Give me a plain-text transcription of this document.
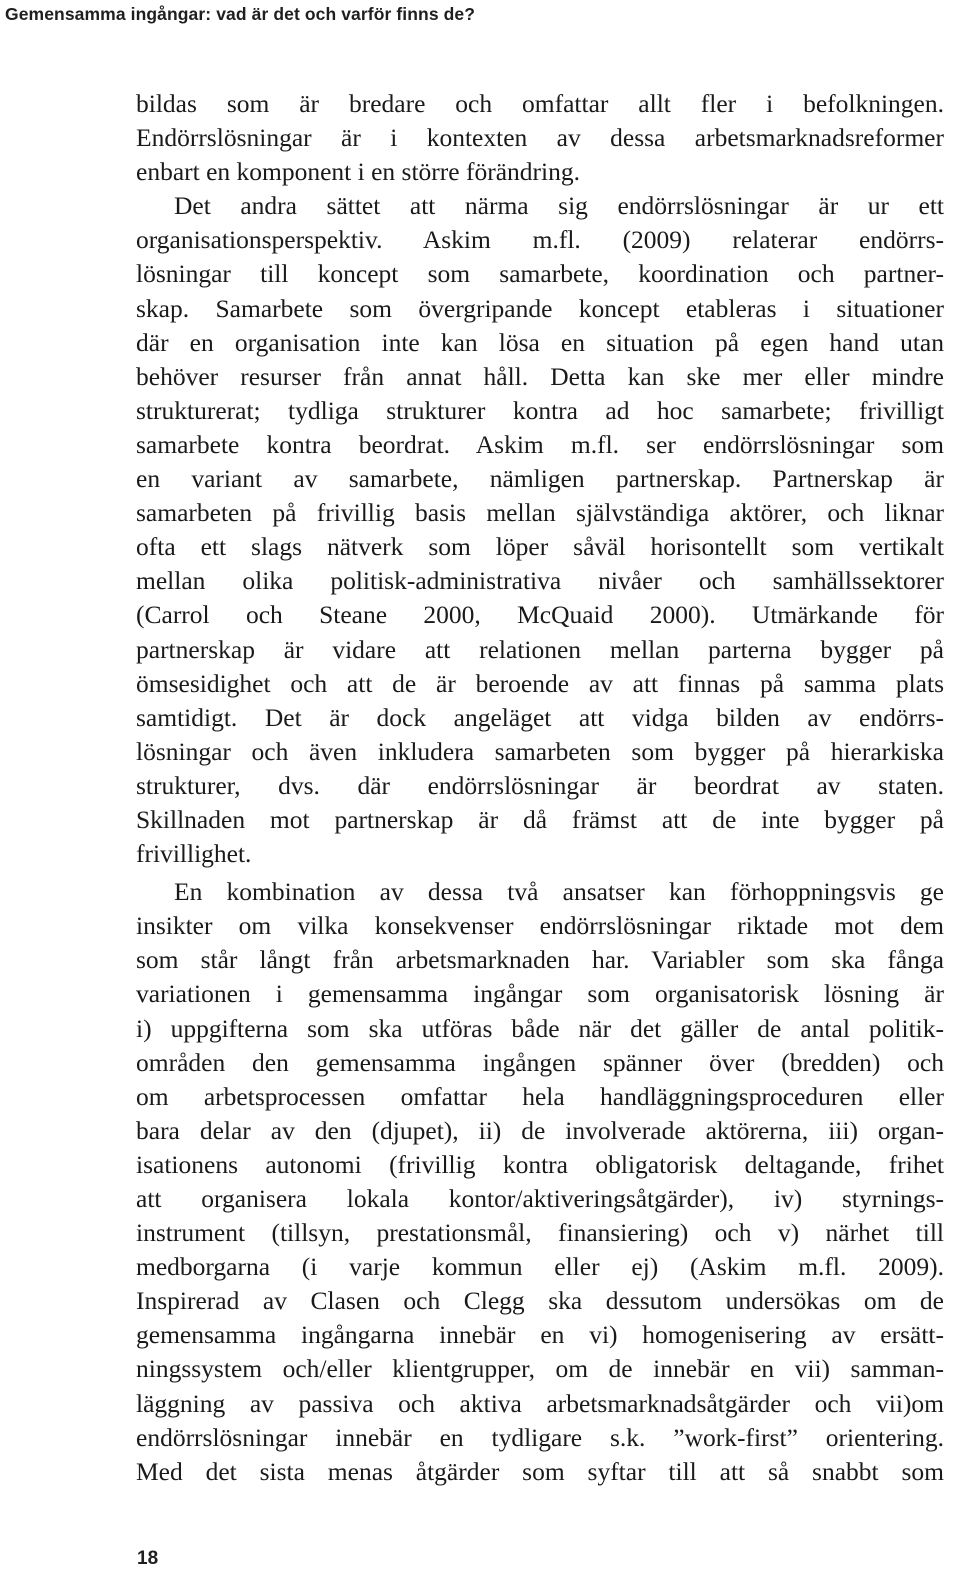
Gemensamma ingångar: vad är det och varför finns de?
bildas som är bredare och omfattar allt fler i befolkningen.
Endörrslösningar är i kontexten av dessa arbetsmarknadsreformer
enbart en komponent i en större förändring.
Det andra sättet att närma sig endörrslösningar är ur ett
organisationsperspektiv. Askim m.fl. (2009) relaterar endörrs-
lösningar till koncept som samarbete, koordination och partner-
skap. Samarbete som övergripande koncept etableras i situationer
där en organisation inte kan lösa en situation på egen hand utan
behöver resurser från annat håll. Detta kan ske mer eller mindre
strukturerat; tydliga strukturer kontra ad hoc samarbete; frivilligt
samarbete kontra beordrat. Askim m.fl. ser endörrslösningar som
en variant av samarbete, nämligen partnerskap. Partnerskap är
samarbeten på frivillig basis mellan självständiga aktörer, och liknar
ofta ett slags nätverk som löper såväl horisontellt som vertikalt
mellan olika politisk-administrativa nivåer och samhällssektorer
(Carrol och Steane 2000, McQuaid 2000). Utmärkande för
partnerskap är vidare att relationen mellan parterna bygger på
ömsesidighet och att de är beroende av att finnas på samma plats
samtidigt. Det är dock angeläget att vidga bilden av endörrs-
lösningar och även inkludera samarbeten som bygger på hierarkiska
strukturer, dvs. där endörrslösningar är beordrat av staten.
Skillnaden mot partnerskap är då främst att de inte bygger på
frivillighet.
En kombination av dessa två ansatser kan förhoppningsvis ge
insikter om vilka konsekvenser endörrslösningar riktade mot dem
som står långt från arbetsmarknaden har. Variabler som ska fånga
variationen i gemensamma ingångar som organisatorisk lösning är
i) uppgifterna som ska utföras både när det gäller de antal politik-
områden den gemensamma ingången spänner över (bredden) och
om arbetsprocessen omfattar hela handläggningsproceduren eller
bara delar av den (djupet), ii) de involverade aktörerna, iii) organ-
isationens autonomi (frivillig kontra obligatorisk deltagande, frihet
att organisera lokala kontor/aktiveringsåtgärder), iv) styrnings-
instrument (tillsyn, prestationsmål, finansiering) och v) närhet till
medborgarna (i varje kommun eller ej) (Askim m.fl. 2009).
Inspirerad av Clasen och Clegg ska dessutom undersökas om de
gemensamma ingångarna innebär en vi) homogenisering av ersätt-
ningssystem och/eller klientgrupper, om de innebär en vii) samman-
läggning av passiva och aktiva arbetsmarknadsåtgärder och vii)om
endörrslösningar innebär en tydligare s.k. ”work-first” orientering.
Med det sista menas åtgärder som syftar till att så snabbt som
18
